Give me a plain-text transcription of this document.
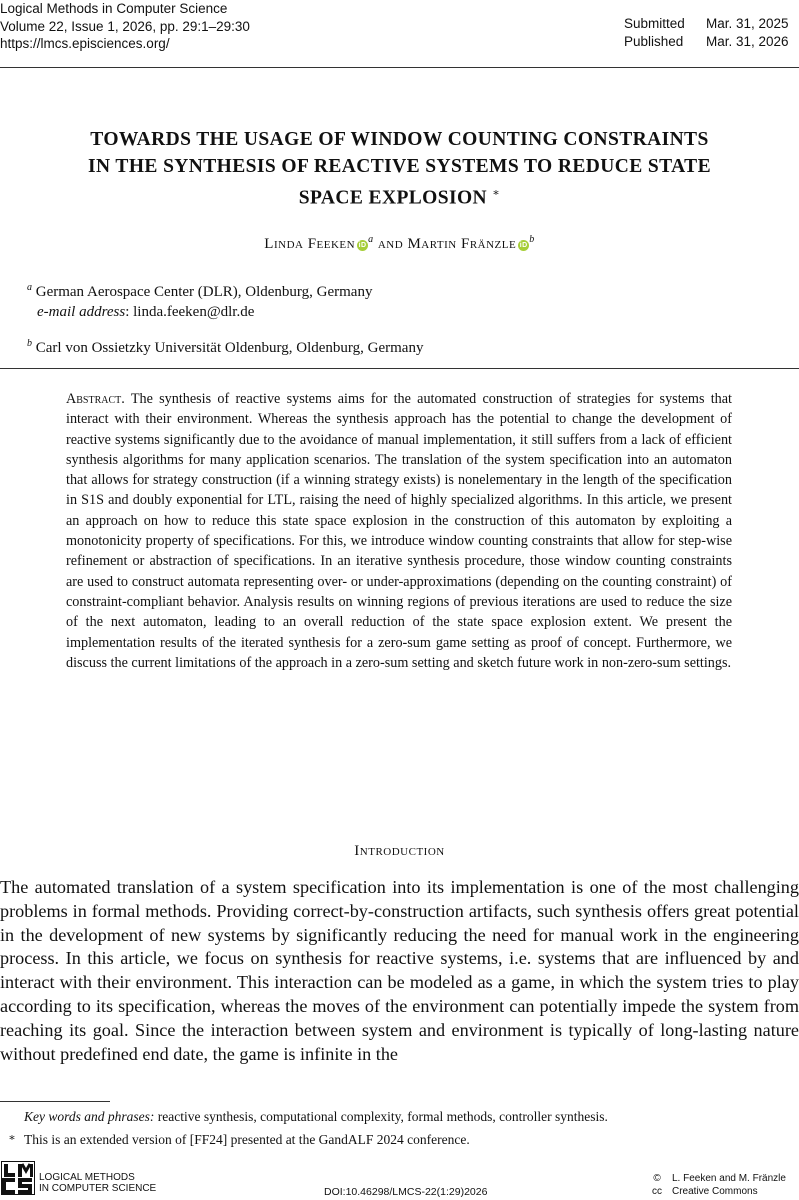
Logical Methods in Computer Science
Volume 22, Issue 1, 2026, pp. 29:1–29:30
https://lmcs.episciences.org/
Submitted Mar. 31, 2025
Published Mar. 31, 2026
TOWARDS THE USAGE OF WINDOW COUNTING CONSTRAINTS
IN THE SYNTHESIS OF REACTIVE SYSTEMS TO REDUCE STATE
SPACE EXPLOSION ∗
Linda Feeken $iD^a$ and Martin Fränzle $iD^b$
$^a$ German Aerospace Center (DLR), Oldenburg, Germany
e-mail address: linda.feeken@dlr.de
$^b$ Carl von Ossietzky Universität Oldenburg, Oldenburg, Germany
Abstract. The synthesis of reactive systems aims for the automated construction of strategies for systems that interact with their environment. Whereas the synthesis approach has the potential to change the development of reactive systems significantly due to the avoidance of manual implementation, it still suffers from a lack of efficient synthesis algorithms for many application scenarios. The translation of the system specification into an automaton that allows for strategy construction (if a winning strategy exists) is nonelementary in the length of the specification in S1S and doubly exponential for LTL, raising the need of highly specialized algorithms. In this article, we present an approach on how to reduce this state space explosion in the construction of this automaton by exploiting a monotonicity property of specifications. For this, we introduce window counting constraints that allow for step-wise refinement or abstraction of specifications. In an iterative synthesis procedure, those window counting constraints are used to construct automata representing over- or under-approximations (depending on the counting constraint) of constraint-compliant behavior. Analysis results on winning regions of previous iterations are used to reduce the size of the next automaton, leading to an overall reduction of the state space explosion extent. We present the implementation results of the iterated synthesis for a zero-sum game setting as proof of concept. Furthermore, we discuss the current limitations of the approach in a zero-sum setting and sketch future work in non-zero-sum settings.
Introduction
The automated translation of a system specification into its implementation is one of the most challenging problems in formal methods. Providing correct-by-construction artifacts, such synthesis offers great potential in the development of new systems by significantly reducing the need for manual work in the engineering process. In this article, we focus on synthesis for reactive systems, i.e. systems that are influenced by and interact with their environment. This interaction can be modeled as a game, in which the system tries to play according to its specification, whereas the moves of the environment can potentially impede the system from reaching its goal. Since the interaction between system and environment is typically of long-lasting nature without predefined end date, the game is infinite in the
Key words and phrases: reactive synthesis, computational complexity, formal methods, controller synthesis.
∗ This is an extended version of [FF24] presented at the GandALF 2024 conference.
LOGICAL METHODS
IN COMPUTER SCIENCE	DOI:10.46298/LMCS-22(1:29)2026
© L. Feeken and M. Fränzle
cc Creative Commons
